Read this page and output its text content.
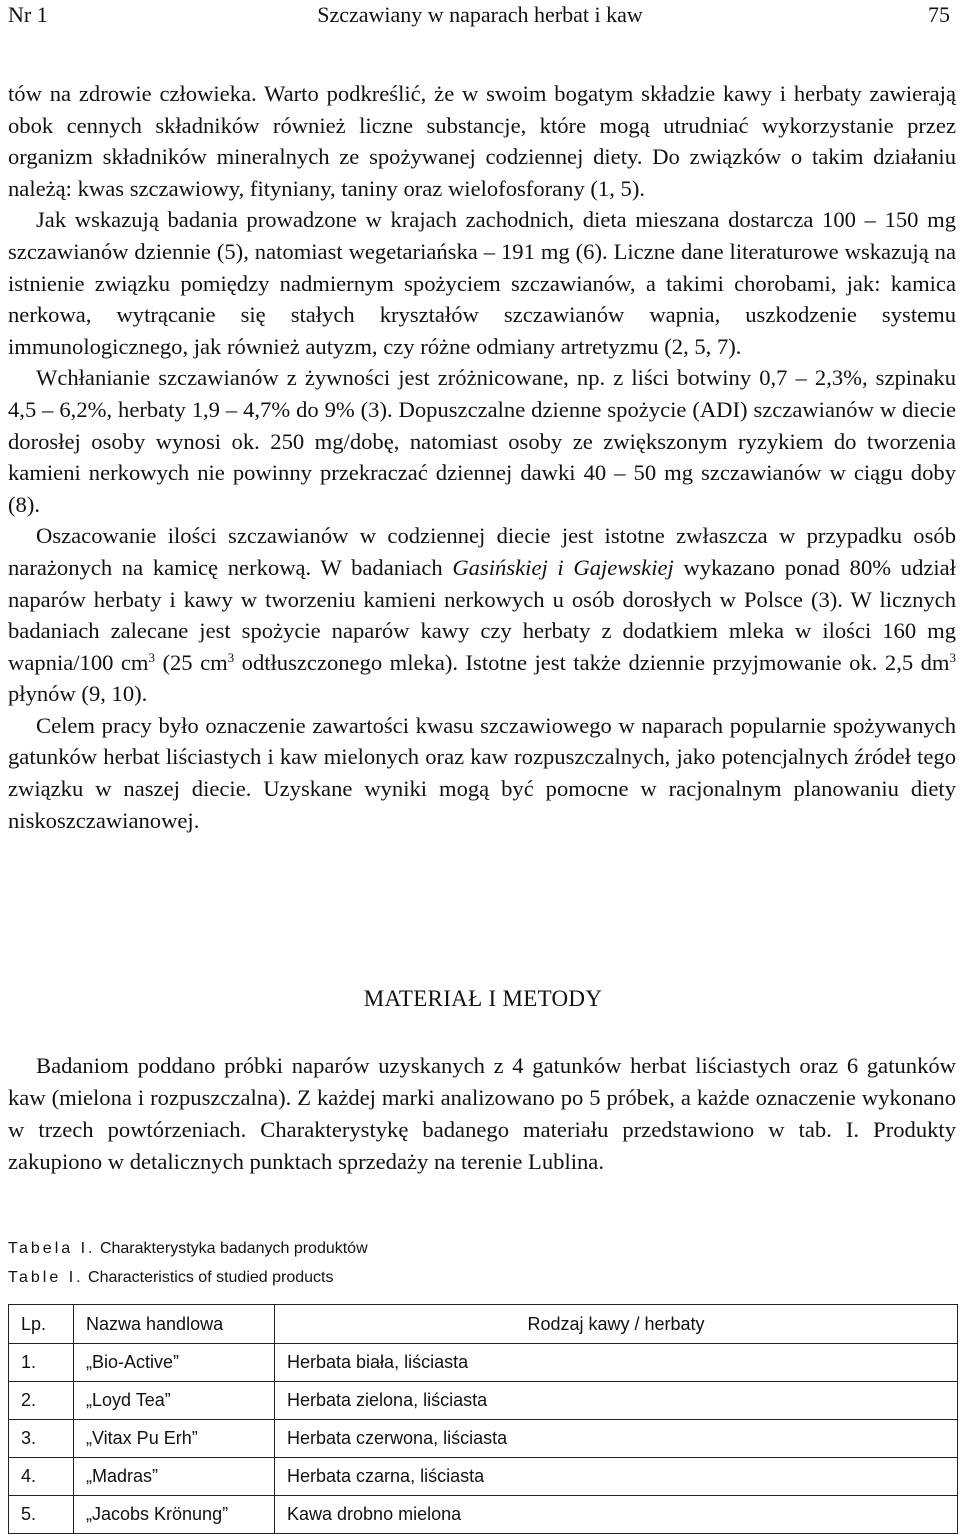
Nr 1	Szczawiany w naparach herbat i kaw	75

tów na zdrowie człowieka. Warto podkreślić, że w swoim bogatym składzie kawy i herbaty zawierają obok cennych składników również liczne substancje, które mogą utrudniać wykorzystanie przez organizm składników mineralnych ze spożywanej codziennej diety. Do związków o takim działaniu należą: kwas szczawiowy, fityniany, taniny oraz wielofosforany (1, 5).

Jak wskazują badania prowadzone w krajach zachodnich, dieta mieszana dostarcza 100 – 150 mg szczawianów dziennie (5), natomiast wegetariańska – 191 mg (6). Liczne dane literaturowe wskazują na istnienie związku pomiędzy nadmiernym spożyciem szczawianów, a takimi chorobami, jak: kamica nerkowa, wytrącanie się stałych kryształów szczawianów wapnia, uszkodzenie systemu immunologicznego, jak również autyzm, czy różne odmiany artretyzmu (2, 5, 7).

Wchłanianie szczawianów z żywności jest zróżnicowane, np. z liści botwiny 0,7 – 2,3%, szpinaku 4,5 – 6,2%, herbaty 1,9 – 4,7% do 9% (3). Dopuszczalne dzienne spożycie (ADI) szczawianów w diecie dorosłej osoby wynosi ok. 250 mg/dobę, natomiast osoby ze zwiększonym ryzykiem do tworzenia kamieni nerkowych nie powinny przekraczać dziennej dawki 40 – 50 mg szczawianów w ciągu doby (8).

Oszacowanie ilości szczawianów w codziennej diecie jest istotne zwłaszcza w przypadku osób narażonych na kamicę nerkową. W badaniach Gasińskiej i Gajewskiej wykazano ponad 80% udział naparów herbaty i kawy w tworzeniu kamieni nerkowych u osób dorosłych w Polsce (3). W licznych badaniach zalecane jest spożycie naparów kawy czy herbaty z dodatkiem mleka w ilości 160 mg wapnia/100 $cm^3$ (25 $cm^3$ odtłuszczonego mleka). Istotne jest także dziennie przyjmowanie ok. 2,5 $dm^3$ płynów (9, 10).

Celem pracy było oznaczenie zawartości kwasu szczawiowego w naparach popularnie spożywanych gatunków herbat liściastych i kaw mielonych oraz kaw rozpuszczalnych, jako potencjalnych źródeł tego związku w naszej diecie. Uzyskane wyniki mogą być pomocne w racjonalnym planowaniu diety niskoszczawianowej.

MATERIAŁ I METODY

Badaniom poddano próbki naparów uzyskanych z 4 gatunków herbat liściastych oraz 6 gatunków kaw (mielona i rozpuszczalna). Z każdej marki analizowano po 5 próbek, a każde oznaczenie wykonano w trzech powtórzeniach. Charakterystykę badanego materiału przedstawiono w tab. I. Produkty zakupiono w detalicznych punktach sprzedaży na terenie Lublina.

Tabela I. Charakterystyka badanych produktów
Table I. Characteristics of studied products
Lp.	Nazwa handlowa	Rodzaj kawy / herbaty
1.	„Bio-Active”	Herbata biała, liściasta
2.	„Loyd Tea”	Herbata zielona, liściasta
3.	„Vitax Pu Erh”	Herbata czerwona, liściasta
4.	„Madras”	Herbata czarna, liściasta
5.	„Jacobs Krönung”	Kawa drobno mielona
